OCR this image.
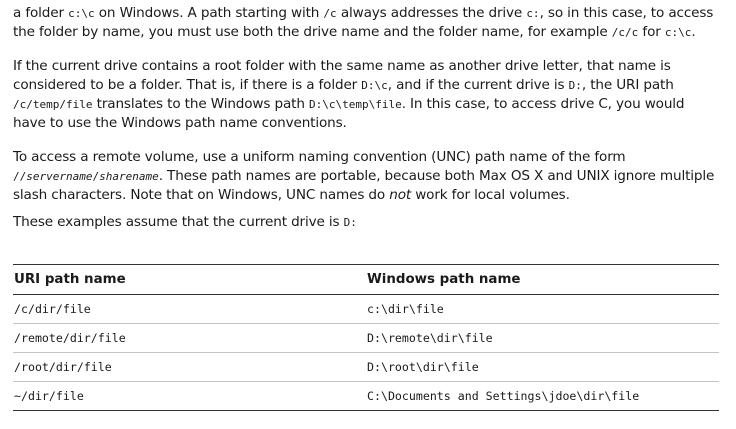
a folder c:\c on Windows. A path starting with /c always addresses the drive c:, so in this case, to access the folder by name, you must use both the drive name and the folder name, for example /c/c for c:\c.

If the current drive contains a root folder with the same name as another drive letter, that name is considered to be a folder. That is, if there is a folder D:\c, and if the current drive is D:, the URI path /c/temp/file translates to the Windows path D:\c\temp\file. In this case, to access drive C, you would have to use the Windows path name conventions.

To access a remote volume, use a uniform naming convention (UNC) path name of the form //servername/sharename. These path names are portable, because both Max OS X and UNIX ignore multiple slash characters. Note that on Windows, UNC names do not work for local volumes.

These examples assume that the current drive is D:

URI path name	Windows path name
/c/dir/file	c:\dir\file
/remote/dir/file	D:\remote\dir\file
/root/dir/file	D:\root\dir\file
~/dir/file	C:\Documents and Settings\jdoe\dir\file
